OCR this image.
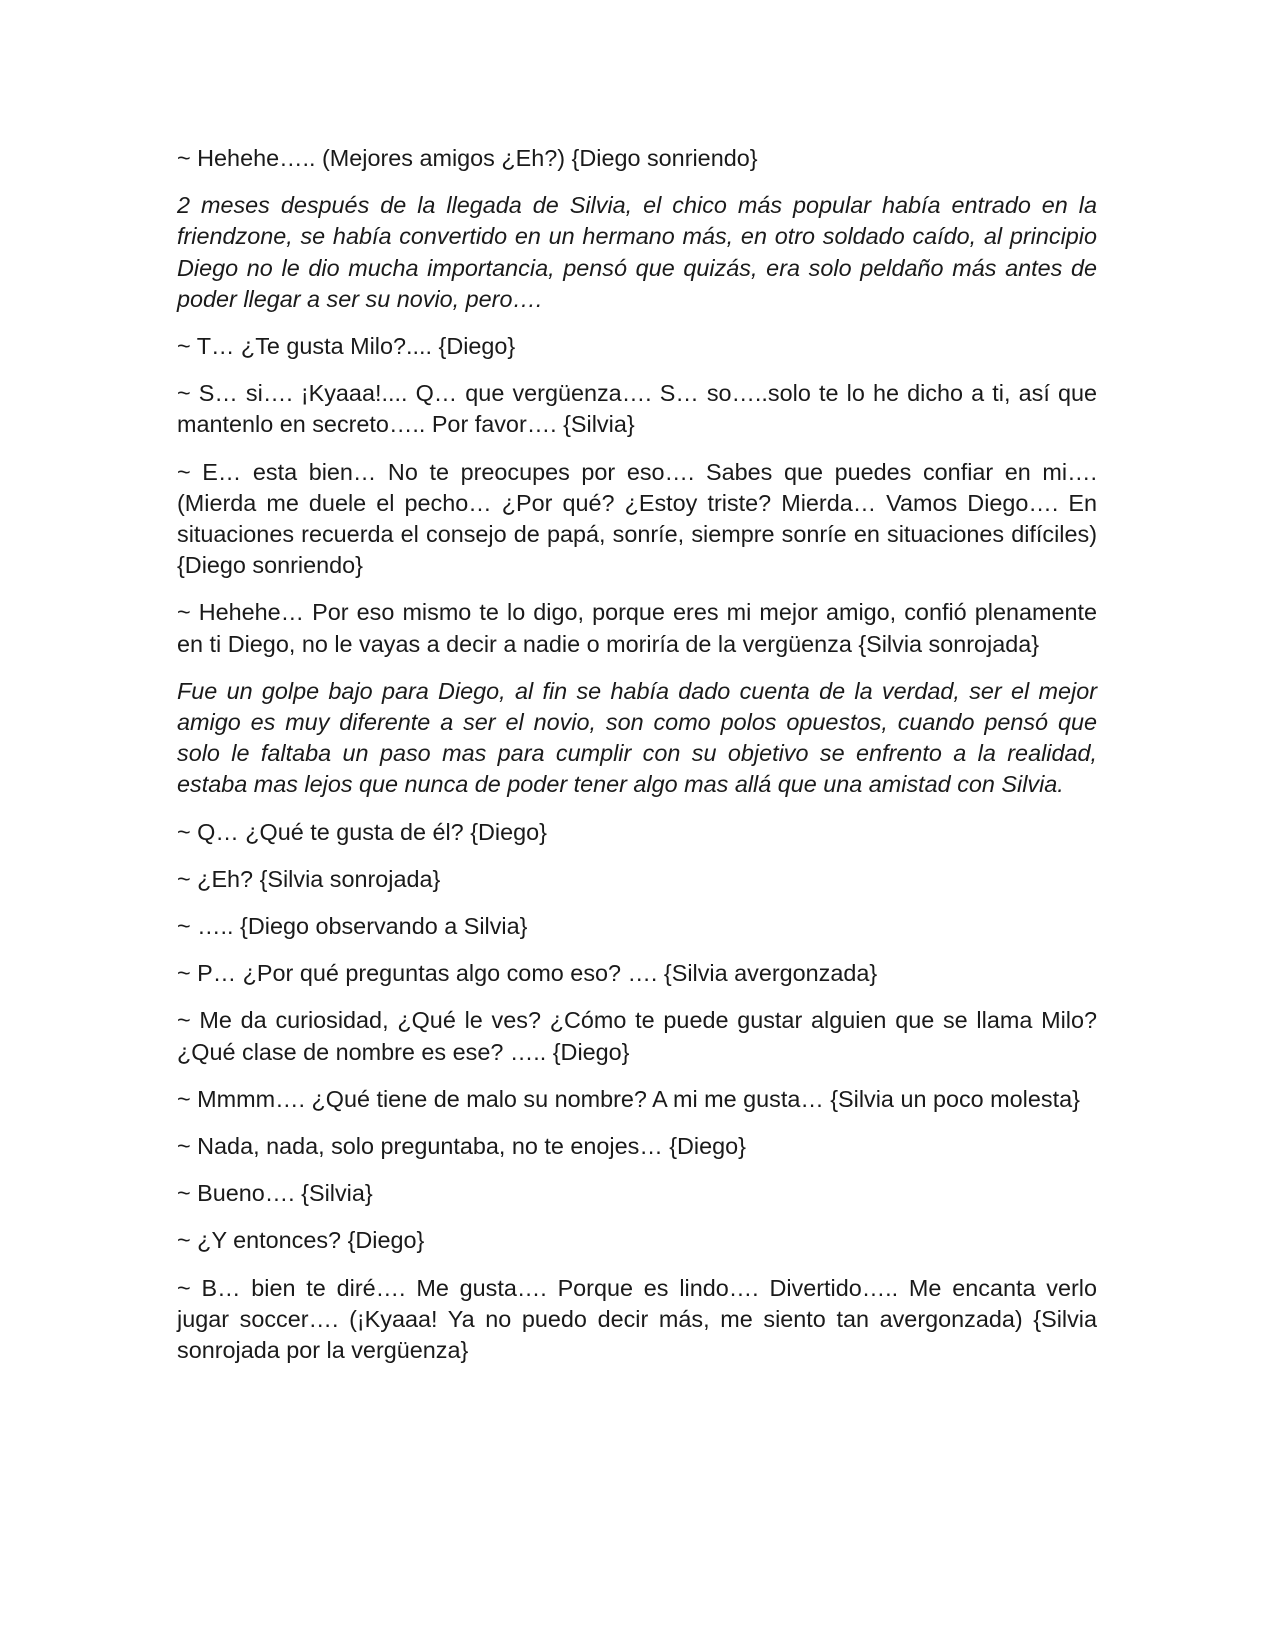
~ Hehehe….. (Mejores amigos ¿Eh?) {Diego sonriendo}

2 meses después de la llegada de Silvia, el chico más popular había entrado en la friendzone, se había convertido en un hermano más, en otro soldado caído, al principio Diego no le dio mucha importancia, pensó que quizás, era solo peldaño más antes de poder llegar a ser su novio, pero….

~ T… ¿Te gusta Milo?.... {Diego}

~ S… si…. ¡Kyaaa!.... Q… que vergüenza…. S… so…..solo te lo he dicho a ti, así que mantenlo en secreto….. Por favor…. {Silvia}

~ E… esta bien… No te preocupes por eso…. Sabes que puedes confiar en mi…. (Mierda me duele el pecho… ¿Por qué? ¿Estoy triste? Mierda… Vamos Diego…. En situaciones recuerda el consejo de papá, sonríe, siempre sonríe en situaciones difíciles) {Diego sonriendo}

~ Hehehe… Por eso mismo te lo digo, porque eres mi mejor amigo, confió plenamente en ti Diego, no le vayas a decir a nadie o moriría de la vergüenza {Silvia sonrojada}

Fue un golpe bajo para Diego, al fin se había dado cuenta de la verdad, ser el mejor amigo es muy diferente a ser el novio, son como polos opuestos, cuando pensó que solo le faltaba un paso mas para cumplir con su objetivo se enfrento a la realidad, estaba mas lejos que nunca de poder tener algo mas allá que una amistad con Silvia.

~ Q… ¿Qué te gusta de él? {Diego}

~ ¿Eh? {Silvia sonrojada}

~ ….. {Diego observando a Silvia}

~ P… ¿Por qué preguntas algo como eso? …. {Silvia avergonzada}

~ Me da curiosidad, ¿Qué le ves? ¿Cómo te puede gustar alguien que se llama Milo? ¿Qué clase de nombre es ese? ….. {Diego}

~ Mmmm…. ¿Qué tiene de malo su nombre? A mi me gusta… {Silvia un poco molesta}

~ Nada, nada, solo preguntaba, no te enojes… {Diego}

~ Bueno…. {Silvia}

~ ¿Y entonces? {Diego}

~ B… bien te diré…. Me gusta…. Porque es lindo…. Divertido….. Me encanta verlo jugar soccer…. (¡Kyaaa! Ya no puedo decir más, me siento tan avergonzada) {Silvia sonrojada por la vergüenza}
